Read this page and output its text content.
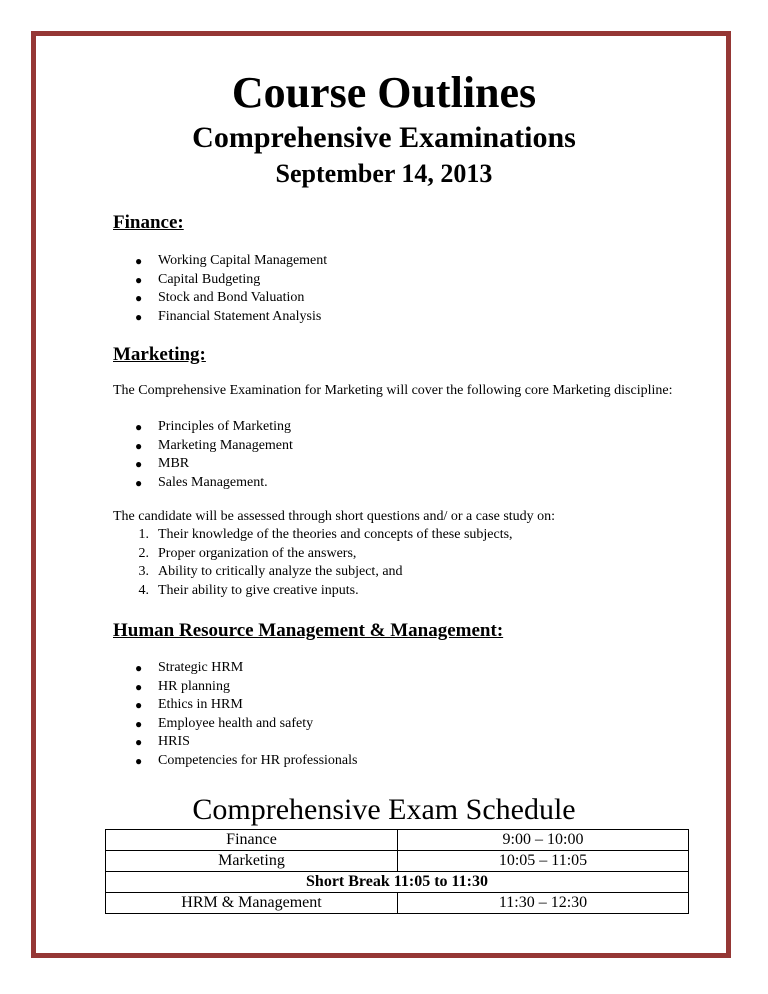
Course Outlines
Comprehensive Examinations
September 14, 2013
Finance:
● Working Capital Management
● Capital Budgeting
● Stock and Bond Valuation
● Financial Statement Analysis
Marketing:
The Comprehensive Examination for Marketing will cover the following core Marketing discipline:
● Principles of Marketing
● Marketing Management
● MBR
● Sales Management.
The candidate will be assessed through short questions and/ or a case study on:
1. Their knowledge of the theories and concepts of these subjects,
2. Proper organization of the answers,
3. Ability to critically analyze the subject, and
4. Their ability to give creative inputs.
Human Resource Management & Management:
● Strategic HRM
● HR planning
● Ethics in HRM
● Employee health and safety
● HRIS
● Competencies for HR professionals
Comprehensive Exam Schedule
Finance	9:00 – 10:00
Marketing	10:05 – 11:05
Short Break 11:05 to 11:30	
HRM & Management	11:30 – 12:30
